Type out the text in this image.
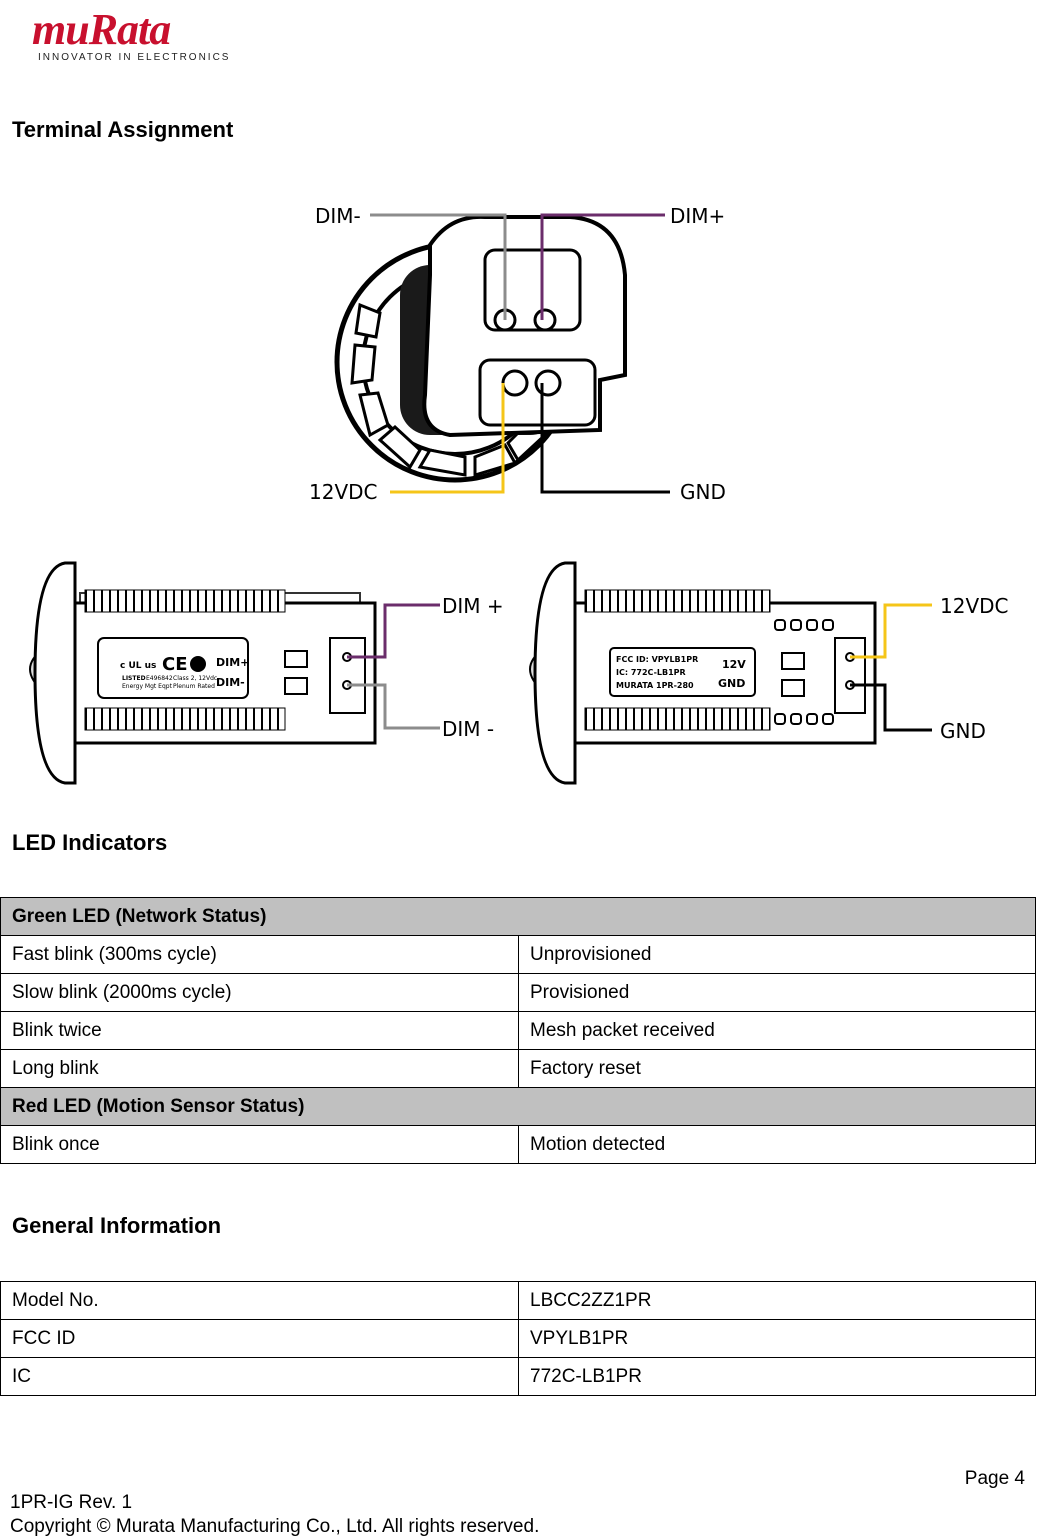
muRata
INNOVATOR IN ELECTRONICS
Terminal Assignment
DIM-	DIM+
12VDC	GND
c UL us CE	DIM+
DIM-
LISTED E496842 Class 2, 12Vdc
Energy Mgt Eqpt Plenum Rated
DIM +
DIM -
FCC ID: VPYLB1PR
IC: 772C-LB1PR
MURATA 1PR-280
12V
GND
12VDC
GND
LED Indicators
Green LED (Network Status)	
Fast blink (300ms cycle)	Unprovisioned
Slow blink (2000ms cycle)	Provisioned
Blink twice	Mesh packet received
Long blink	Factory reset
Red LED (Motion Sensor Status)	
Blink once	Motion detected
General Information
Model No.	LBCC2ZZ1PR
FCC ID	VPYLB1PR
IC	772C-LB1PR
Page 4
1PR-IG Rev. 1
Copyright © Murata Manufacturing Co., Ltd. All rights reserved.
